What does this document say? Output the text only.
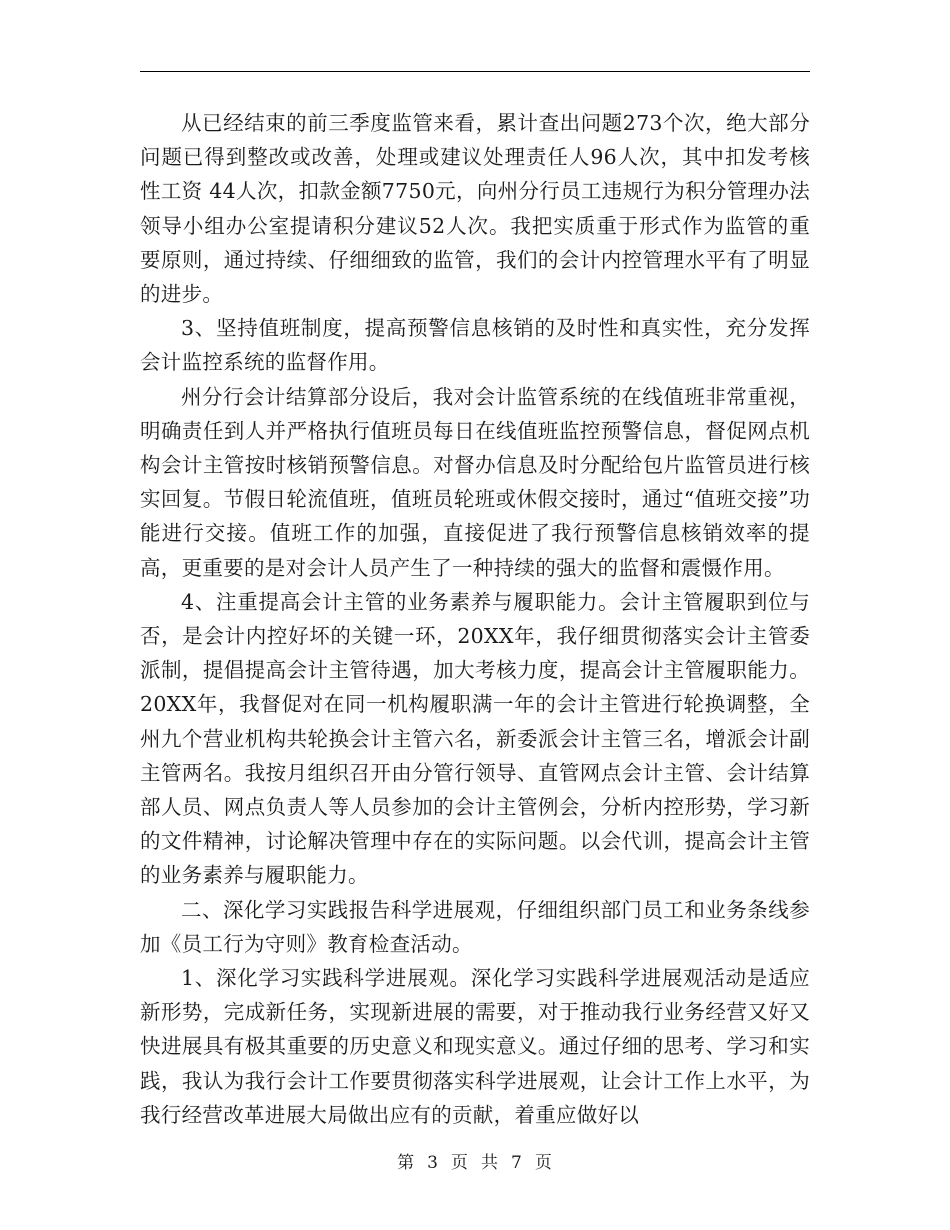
从已经结束的前三季度监管来看，累计查出问题273个次，绝大部分问题已得到整改或改善，处理或建议处理责任人96人次，其中扣发考核性工资 44人次，扣款金额7750元，向州分行员工违规行为积分管理办法领导小组办公室提请积分建议52人次。我把实质重于形式作为监管的重要原则，通过持续、仔细细致的监管，我们的会计内控管理水平有了明显的进步。

3、坚持值班制度，提高预警信息核销的及时性和真实性，充分发挥会计监控系统的监督作用。

州分行会计结算部分设后，我对会计监管系统的在线值班非常重视，明确责任到人并严格执行值班员每日在线值班监控预警信息，督促网点机构会计主管按时核销预警信息。对督办信息及时分配给包片监管员进行核实回复。节假日轮流值班，值班员轮班或休假交接时，通过“值班交接”功能进行交接。值班工作的加强，直接促进了我行预警信息核销效率的提高，更重要的是对会计人员产生了一种持续的强大的监督和震慑作用。

4、注重提高会计主管的业务素养与履职能力。会计主管履职到位与否，是会计内控好坏的关键一环，20XX年，我仔细贯彻落实会计主管委派制，提倡提高会计主管待遇，加大考核力度，提高会计主管履职能力。20XX年，我督促对在同一机构履职满一年的会计主管进行轮换调整，全州九个营业机构共轮换会计主管六名，新委派会计主管三名，增派会计副主管两名。我按月组织召开由分管行领导、直管网点会计主管、会计结算部人员、网点负责人等人员参加的会计主管例会，分析内控形势，学习新的文件精神，讨论解决管理中存在的实际问题。以会代训，提高会计主管的业务素养与履职能力。

二、深化学习实践报告科学进展观，仔细组织部门员工和业务条线参加《员工行为守则》教育检查活动。

1、深化学习实践科学进展观。深化学习实践科学进展观活动是适应新形势，完成新任务，实现新进展的需要，对于推动我行业务经营又好又快进展具有极其重要的历史意义和现实意义。通过仔细的思考、学习和实践，我认为我行会计工作要贯彻落实科学进展观，让会计工作上水平，为我行经营改革进展大局做出应有的贡献，着重应做好以

第 3 页 共 7 页
